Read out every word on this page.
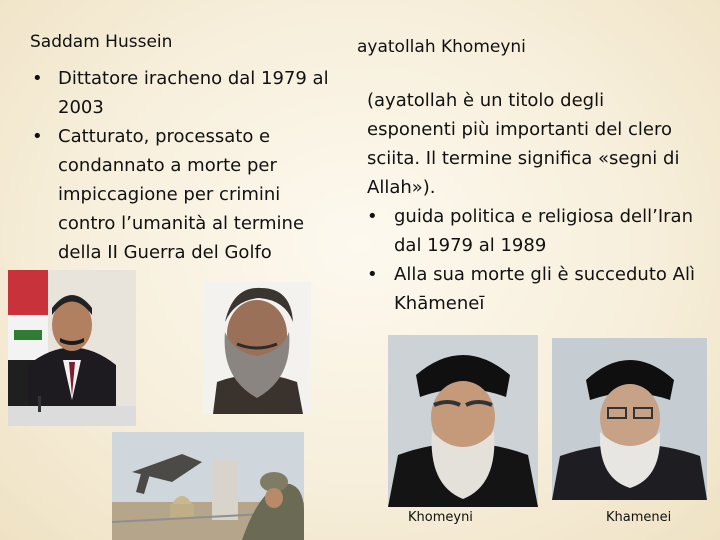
Saddam Hussein
• Dittatore iracheno dal 1979 al 2003
• Catturato, processato e condannato a morte per impiccagione per crimini contro l’umanità al termine della II Guerra del Golfo
ayatollah Khomeyni
(ayatollah è un titolo degli esponenti più importanti del clero sciita. Il termine significa «segni di Allah»).
• guida politica e religiosa dell’Iran dal 1979 al 1989
• Alla sua morte gli è succeduto Alì Khāmeneī
Khomeyni	Khamenei
